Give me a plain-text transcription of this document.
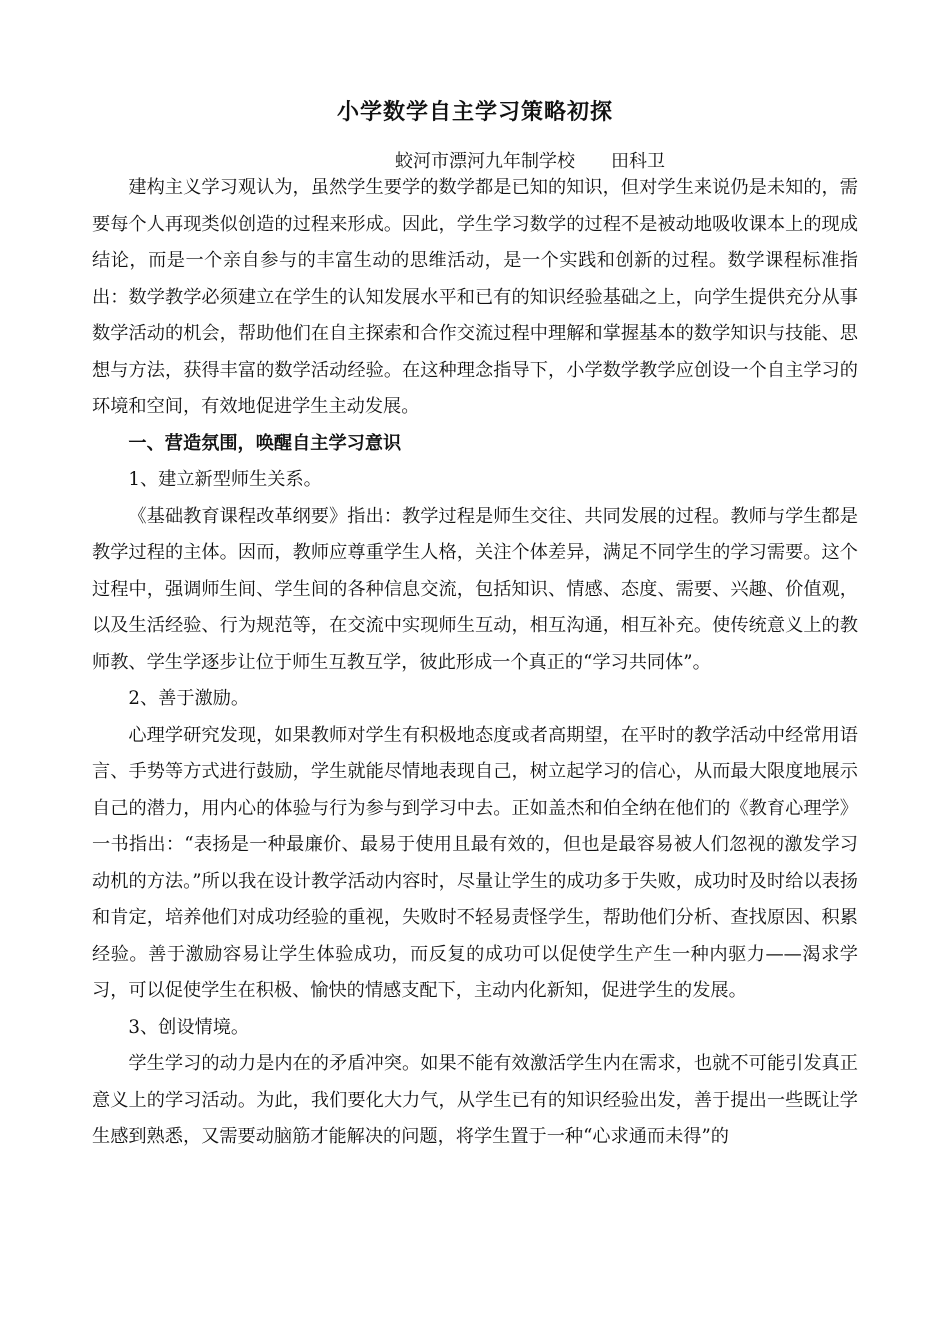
小学数学自主学习策略初探
蛟河市漂河九年制学校　　田科卫

建构主义学习观认为，虽然学生要学的数学都是已知的知识，但对学生来说仍是未知的，需要每个人再现类似创造的过程来形成。因此，学生学习数学的过程不是被动地吸收课本上的现成结论，而是一个亲自参与的丰富生动的思维活动，是一个实践和创新的过程。数学课程标准指出：数学教学必须建立在学生的认知发展水平和已有的知识经验基础之上，向学生提供充分从事数学活动的机会，帮助他们在自主探索和合作交流过程中理解和掌握基本的数学知识与技能、思想与方法，获得丰富的数学活动经验。在这种理念指导下，小学数学教学应创设一个自主学习的环境和空间，有效地促进学生主动发展。

一、营造氛围，唤醒自主学习意识

1、建立新型师生关系。

《基础教育课程改革纲要》指出：教学过程是师生交往、共同发展的过程。教师与学生都是教学过程的主体。因而，教师应尊重学生人格，关注个体差异，满足不同学生的学习需要。这个过程中，强调师生间、学生间的各种信息交流，包括知识、情感、态度、需要、兴趣、价值观，以及生活经验、行为规范等，在交流中实现师生互动，相互沟通，相互补充。使传统意义上的教师教、学生学逐步让位于师生互教互学，彼此形成一个真正的“学习共同体”。

2、善于激励。

心理学研究发现，如果教师对学生有积极地态度或者高期望，在平时的教学活动中经常用语言、手势等方式进行鼓励，学生就能尽情地表现自己，树立起学习的信心，从而最大限度地展示自己的潜力，用内心的体验与行为参与到学习中去。正如盖杰和伯全纳在他们的《教育心理学》一书指出：“表扬是一种最廉价、最易于使用且最有效的，但也是最容易被人们忽视的激发学习动机的方法。”所以我在设计教学活动内容时，尽量让学生的成功多于失败，成功时及时给以表扬和肯定，培养他们对成功经验的重视，失败时不轻易责怪学生，帮助他们分析、查找原因、积累经验。善于激励容易让学生体验成功，而反复的成功可以促使学生产生一种内驱力——渴求学习，可以促使学生在积极、愉快的情感支配下，主动内化新知，促进学生的发展。

3、创设情境。

学生学习的动力是内在的矛盾冲突。如果不能有效激活学生内在需求，也就不可能引发真正意义上的学习活动。为此，我们要化大力气，从学生已有的知识经验出发，善于提出一些既让学生感到熟悉，又需要动脑筋才能解决的问题，将学生置于一种“心求通而未得”的
